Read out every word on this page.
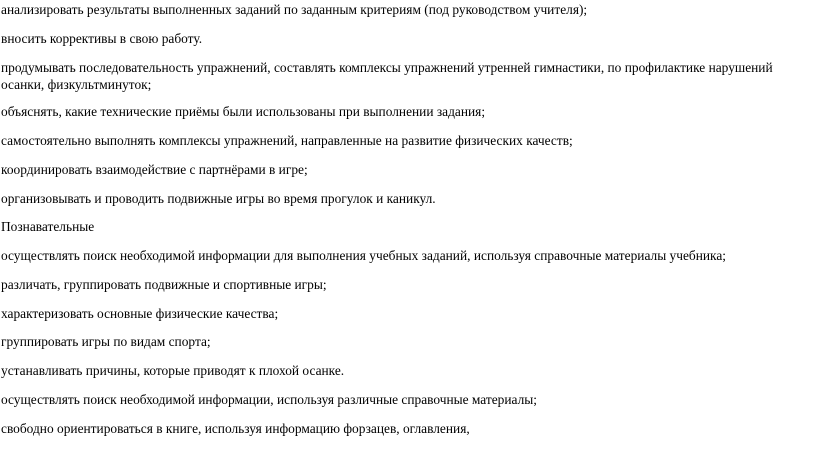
анализировать результаты выполненных заданий по заданным критериям (под руководством учителя);
вносить коррективы в свою работу.
продумывать последовательность упражнений, составлять комплексы упражнений утренней гимнастики, по профилактике нарушений осанки, физкультминуток;
объяснять, какие технические приёмы были использованы при выполнении задания;
самостоятельно выполнять комплексы упражнений, направленные на развитие физических качеств;
координировать взаимодействие с партнёрами в игре;
организовывать и проводить подвижные игры во время прогулок и каникул.
Познавательные
осуществлять поиск необходимой информации для выполнения учебных заданий, используя справочные материалы учебника;
различать, группировать подвижные и спортивные игры;
характеризовать основные физические качества;
группировать игры по видам спорта;
устанавливать причины, которые приводят к плохой осанке.
осуществлять поиск необходимой информации, используя различные справочные материалы;
свободно ориентироваться в книге, используя информацию форзацев, оглавления,
